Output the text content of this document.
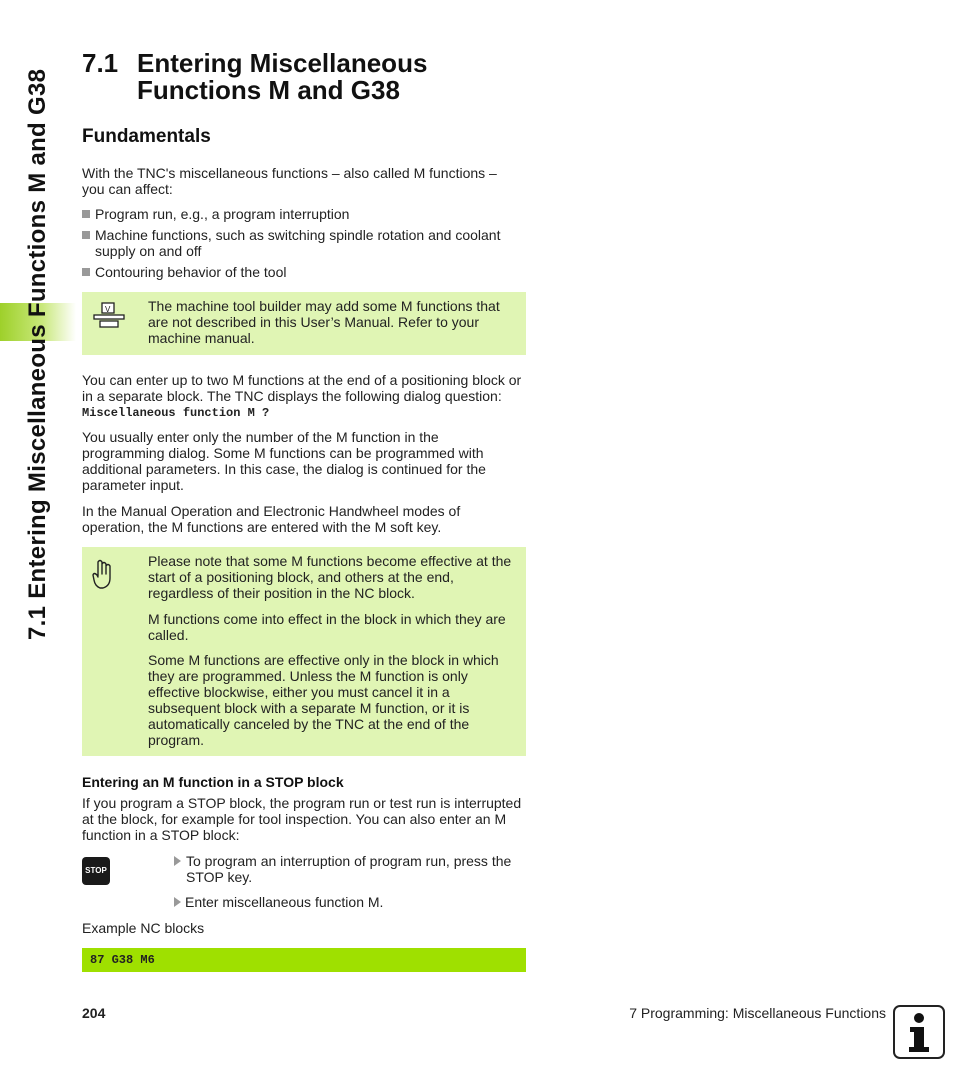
7.1 Entering Miscellaneous Functions M and G38
7.1 Entering Miscellaneous
Functions M and G38
Fundamentals
With the TNC's miscellaneous functions – also called M functions – you can affect:
Program run, e.g., a program interruption
Machine functions, such as switching spindle rotation and coolant supply on and off
Contouring behavior of the tool
V	The machine tool builder may add some M functions that are not described in this User’s Manual. Refer to your machine manual.
You can enter up to two M functions at the end of a positioning block or in a separate block. The TNC displays the following dialog question:
Miscellaneous function M ?
You usually enter only the number of the M function in the programming dialog. Some M functions can be programmed with additional parameters. In this case, the dialog is continued for the parameter input.
In the Manual Operation and Electronic Handwheel modes of operation, the M functions are entered with the M soft key.
Please note that some M functions become effective at the start of a positioning block, and others at the end, regardless of their position in the NC block.
M functions come into effect in the block in which they are called.
Some M functions are effective only in the block in which they are programmed. Unless the M function is only effective blockwise, either you must cancel it in a subsequent block with a separate M function, or it is automatically canceled by the TNC at the end of the program.
Entering an M function in a STOP block
If you program a STOP block, the program run or test run is interrupted at the block, for example for tool inspection. You can also enter an M function in a STOP block:
STOP
To program an interruption of program run, press the STOP key.
Enter miscellaneous function M.
Example NC blocks
87 G38 M6
204	7 Programming: Miscellaneous Functions
